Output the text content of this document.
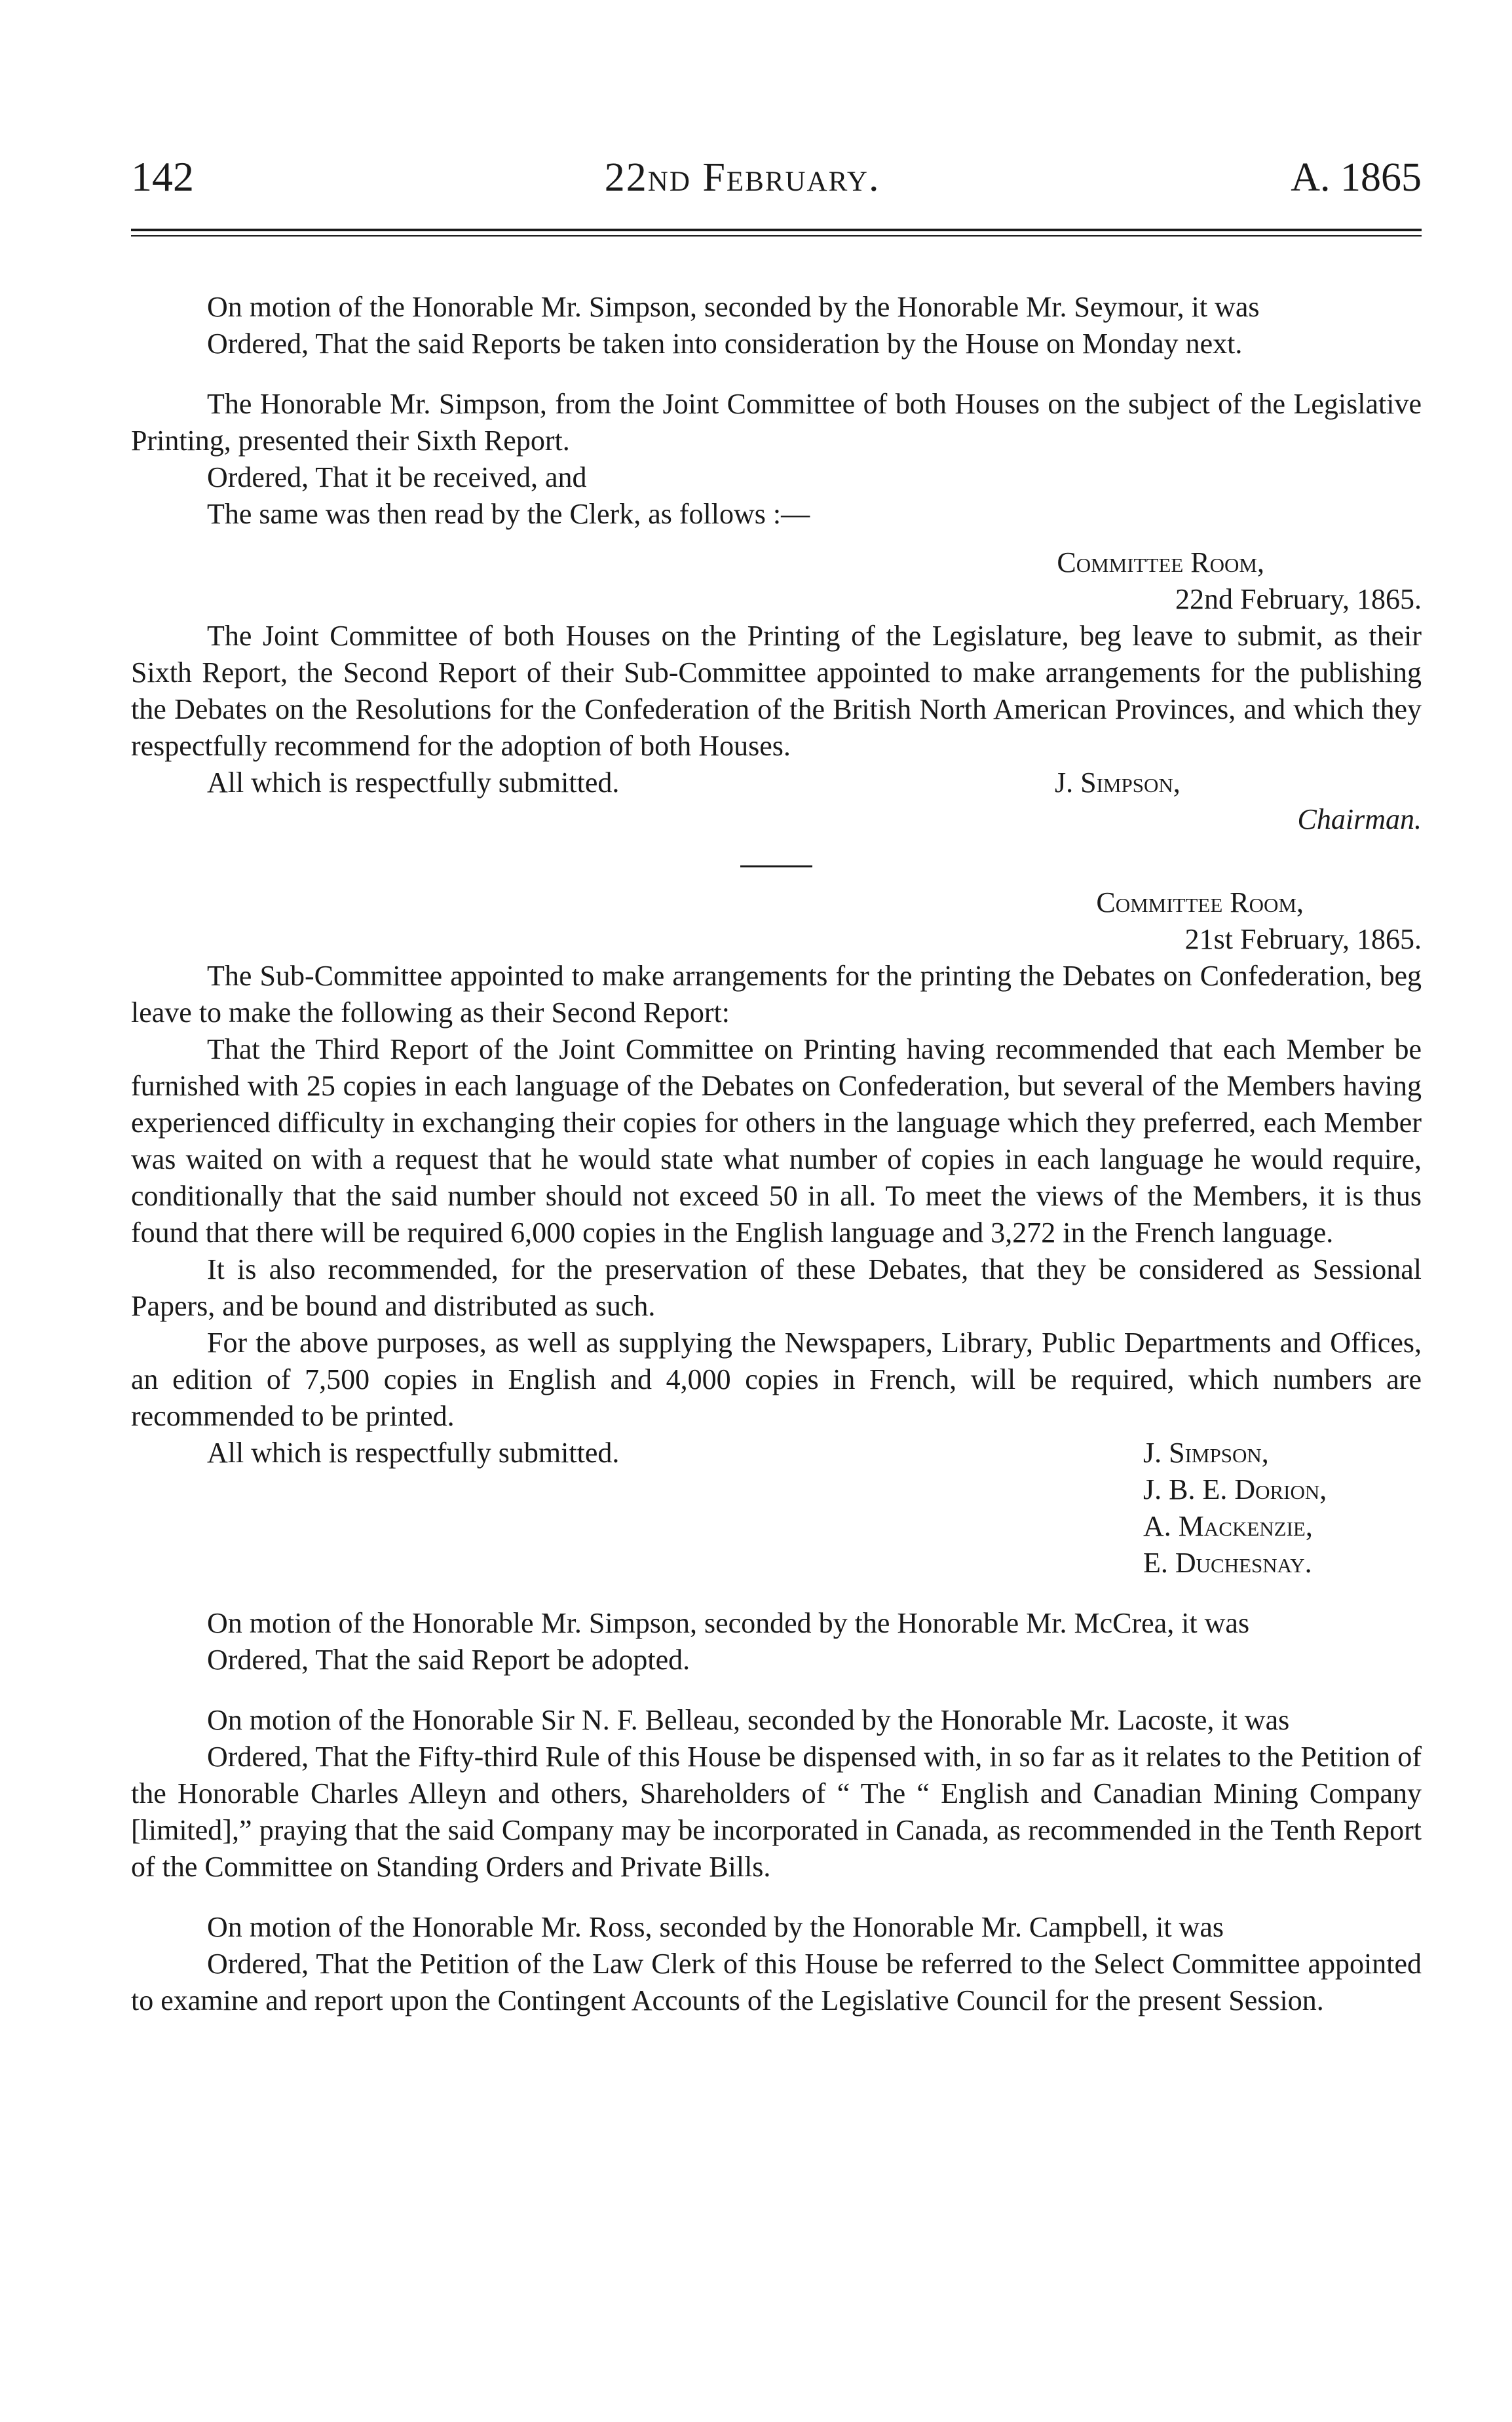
142	22nd February.	A. 1865

On motion of the Honorable Mr. Simpson, seconded by the Honorable Mr. Seymour, it was

Ordered, That the said Reports be taken into consideration by the House on Monday next.

The Honorable Mr. Simpson, from the Joint Committee of both Houses on the subject of the Legislative Printing, presented their Sixth Report.

Ordered, That it be received, and

The same was then read by the Clerk, as follows :—

Committee Room,
22nd February, 1865.

The Joint Committee of both Houses on the Printing of the Legislature, beg leave to submit, as their Sixth Report, the Second Report of their Sub-Committee appointed to make arrangements for the publishing the Debates on the Resolutions for the Confederation of the British North American Provinces, and which they respectfully recommend for the adoption of both Houses.

All which is respectfully submitted.	J. Simpson,
Chairman.
Committee Room,
21st February, 1865.

The Sub-Committee appointed to make arrangements for the printing the Debates on Confederation, beg leave to make the following as their Second Report:

That the Third Report of the Joint Committee on Printing having recommended that each Member be furnished with 25 copies in each language of the Debates on Confederation, but several of the Members having experienced difficulty in exchanging their copies for others in the language which they preferred, each Member was waited on with a request that he would state what number of copies in each language he would require, conditionally that the said number should not exceed 50 in all. To meet the views of the Members, it is thus found that there will be required 6,000 copies in the English language and 3,272 in the French language.

It is also recommended, for the preservation of these Debates, that they be considered as Sessional Papers, and be bound and distributed as such.

For the above purposes, as well as supplying the Newspapers, Library, Public Departments and Offices, an edition of 7,500 copies in English and 4,000 copies in French, will be required, which numbers are recommended to be printed.

All which is respectfully submitted.	J. Simpson,
J. B. E. Dorion,
A. Mackenzie,
E. Duchesnay.

On motion of the Honorable Mr. Simpson, seconded by the Honorable Mr. McCrea, it was

Ordered, That the said Report be adopted.

On motion of the Honorable Sir N. F. Belleau, seconded by the Honorable Mr. Lacoste, it was

Ordered, That the Fifty-third Rule of this House be dispensed with, in so far as it relates to the Petition of the Honorable Charles Alleyn and others, Shareholders of “ The “ English and Canadian Mining Company [limited],” praying that the said Company may be incorporated in Canada, as recommended in the Tenth Report of the Committee on Standing Orders and Private Bills.

On motion of the Honorable Mr. Ross, seconded by the Honorable Mr. Campbell, it was

Ordered, That the Petition of the Law Clerk of this House be referred to the Select Committee appointed to examine and report upon the Contingent Accounts of the Legislative Council for the present Session.
